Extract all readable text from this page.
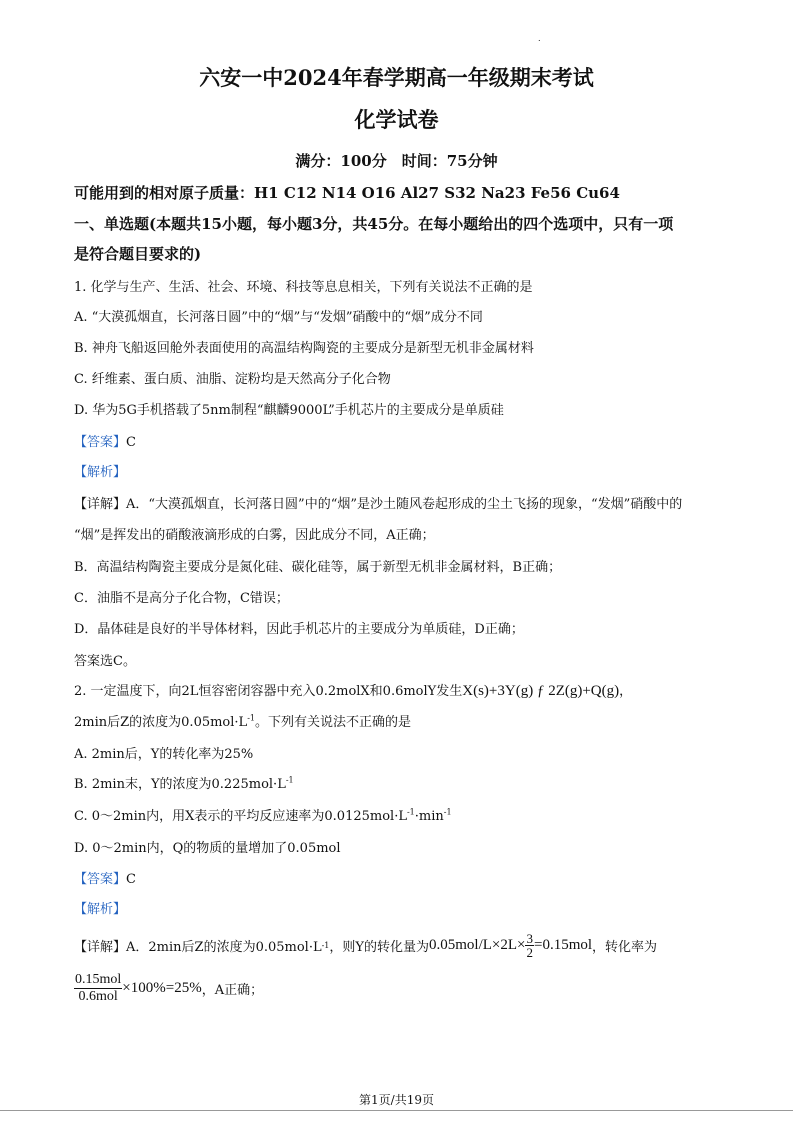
.
六安一中2024年春学期高一年级期末考试
化学试卷
满分：100分　时间：75分钟
可能用到的相对原子质量：H1 C12 N14 O16 Al27 S32 Na23 Fe56 Cu64
一、单选题(本题共15小题，每小题3分，共45分。在每小题给出的四个选项中，只有一项
是符合题目要求的)
1. 化学与生产、生活、社会、环境、科技等息息相关，下列有关说法不正确的是
A. “大漠孤烟直，长河落日圆”中的“烟”与“发烟”硝酸中的“烟”成分不同
B. 神舟飞船返回舱外表面使用的高温结构陶瓷的主要成分是新型无机非金属材料
C. 纤维素、蛋白质、油脂、淀粉均是天然高分子化合物
D. 华为5G手机搭载了5nm制程“麒麟9000L”手机芯片的主要成分是单质硅
【答案】C
【解析】
【详解】A．“大漠孤烟直，长河落日圆”中的“烟”是沙土随风卷起形成的尘土飞扬的现象，“发烟”硝酸中的
“烟”是挥发出的硝酸液滴形成的白雾，因此成分不同，A正确；
B．高温结构陶瓷主要成分是氮化硅、碳化硅等，属于新型无机非金属材料，B正确；
C．油脂不是高分子化合物，C错误；
D．晶体硅是良好的半导体材料，因此手机芯片的主要成分为单质硅，D正确；
答案选C。
2. 一定温度下，向2L恒容密闭容器中充入0.2molX和0.6molY发生X(s)+3Y(g) ƒ 2Z(g)+Q(g)，
2min后Z的浓度为$0.05mol\cdot L^{-1}$。下列有关说法不正确的是
A. 2min后，Y的转化率为25%
B. 2min末，Y的浓度为$0.225mol\cdot L^{-1}$
C. 0～2min内，用X表示的平均反应速率为$0.0125mol\cdot L^{-1}\cdot\min^{-1}$
D. 0～2min内，Q的物质的量增加了0.05mol
【答案】C
【解析】
【详解】 A．2min后Z的浓度为0.05mol·L -1 ，则Y的转化量为 $0.05mol/L\times 2L\times \frac{3}{2} =0.15mol$ ，转化率为
$\frac{\text{0.15mol}}{\text{0.6mol}} \times 100\%=25\%$ ，A正确；
第1页/共19页
